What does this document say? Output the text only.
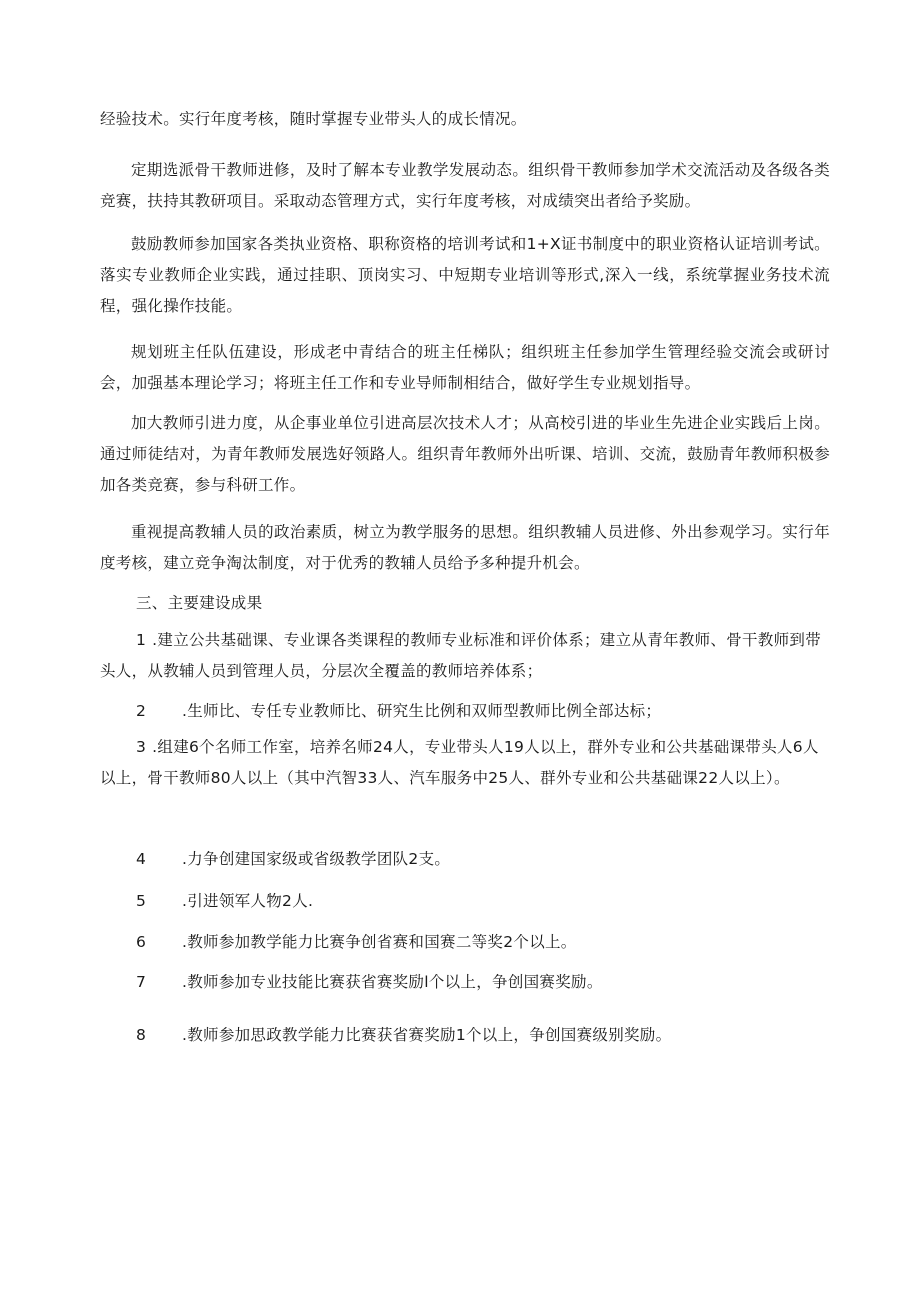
经验技术。实行年度考核，随时掌握专业带头人的成长情况。

定期选派骨干教师进修，及时了解本专业教学发展动态。组织骨干教师参加学术交流活动及各级各类竞赛，扶持其教研项目。采取动态管理方式，实行年度考核，对成绩突出者给予奖励。

鼓励教师参加国家各类执业资格、职称资格的培训考试和1+X证书制度中的职业资格认证培训考试。落实专业教师企业实践，通过挂职、顶岗实习、中短期专业培训等形式,深入一线，系统掌握业务技术流程，强化操作技能。

规划班主任队伍建设，形成老中青结合的班主任梯队；组织班主任参加学生管理经验交流会或研讨会，加强基本理论学习；将班主任工作和专业导师制相结合，做好学生专业规划指导。

加大教师引进力度，从企事业单位引进高层次技术人才；从高校引进的毕业生先进企业实践后上岗。通过师徒结对，为青年教师发展选好领路人。组织青年教师外出听课、培训、交流，鼓励青年教师积极参加各类竞赛，参与科研工作。

重视提高教辅人员的政治素质，树立为教学服务的思想。组织教辅人员进修、外出参观学习。实行年度考核，建立竞争淘汰制度，对于优秀的教辅人员给予多种提升机会。

三、主要建设成果

1 .建立公共基础课、专业课各类课程的教师专业标准和评价体系；建立从青年教师、骨干教师到带头人，从教辅人员到管理人员，分层次全覆盖的教师培养体系；

2 .生师比、专任专业教师比、研究生比例和双师型教师比例全部达标；

3 .组建6个名师工作室，培养名师24人，专业带头人19人以上，群外专业和公共基础课带头人6人以上，骨干教师80人以上（其中汽智33人、汽车服务中25人、群外专业和公共基础课22人以上）。

4 .力争创建国家级或省级教学团队2支。

5 .引进领军人物2人.

6 .教师参加教学能力比赛争创省赛和国赛二等奖2个以上。

7 .教师参加专业技能比赛获省赛奖励l个以上，争创国赛奖励。

8 .教师参加思政教学能力比赛获省赛奖励1个以上，争创国赛级别奖励。
